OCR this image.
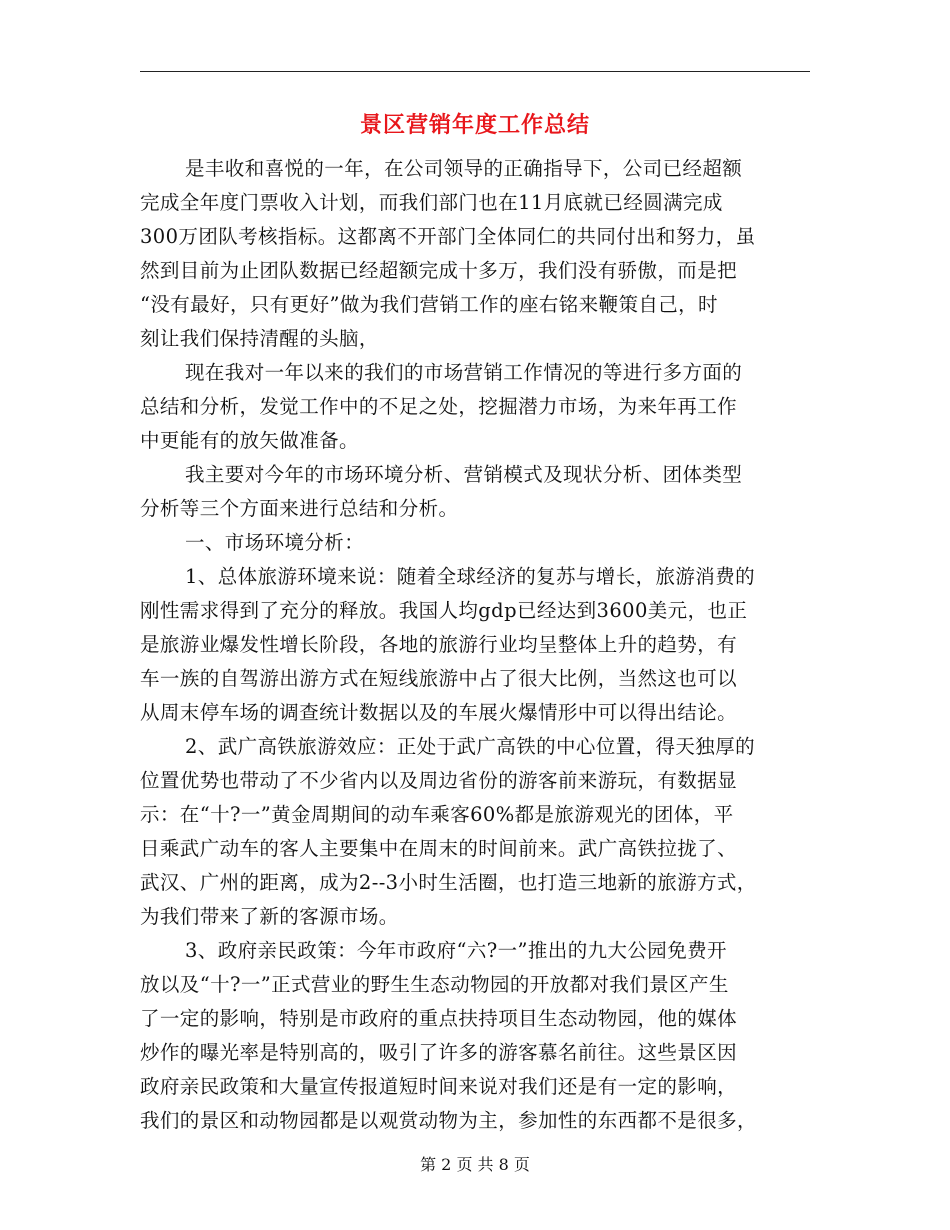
景区营销年度工作总结
是丰收和喜悦的一年，在公司领导的正确指导下，公司已经超额
完成全年度门票收入计划，而我们部门也在11月底就已经圆满完成
300万团队考核指标。这都离不开部门全体同仁的共同付出和努力，虽
然到目前为止团队数据已经超额完成十多万，我们没有骄傲，而是把
“没有最好，只有更好”做为我们营销工作的座右铭来鞭策自己，时
刻让我们保持清醒的头脑，
现在我对一年以来的我们的市场营销工作情况的等进行多方面的
总结和分析，发觉工作中的不足之处，挖掘潜力市场，为来年再工作
中更能有的放矢做准备。
我主要对今年的市场环境分析、营销模式及现状分析、团体类型
分析等三个方面来进行总结和分析。
一、市场环境分析：
1、总体旅游环境来说：随着全球经济的复苏与增长，旅游消费的
刚性需求得到了充分的释放。我国人均gdp已经达到3600美元，也正
是旅游业爆发性增长阶段，各地的旅游行业均呈整体上升的趋势，有
车一族的自驾游出游方式在短线旅游中占了很大比例，当然这也可以
从周末停车场的调查统计数据以及的车展火爆情形中可以得出结论。
2、武广高铁旅游效应：正处于武广高铁的中心位置，得天独厚的
位置优势也带动了不少省内以及周边省份的游客前来游玩，有数据显
示：在“十?一”黄金周期间的动车乘客60%都是旅游观光的团体，平
日乘武广动车的客人主要集中在周末的时间前来。武广高铁拉拢了、
武汉、广州的距离，成为2--3小时生活圈，也打造三地新的旅游方式，
为我们带来了新的客源市场。
3、政府亲民政策：今年市政府“六?一”推出的九大公园免费开
放以及“十?一”正式营业的野生生态动物园的开放都对我们景区产生
了一定的影响，特别是市政府的重点扶持项目生态动物园，他的媒体
炒作的曝光率是特别高的，吸引了许多的游客慕名前往。这些景区因
政府亲民政策和大量宣传报道短时间来说对我们还是有一定的影响，
我们的景区和动物园都是以观赏动物为主，参加性的东西都不是很多，
第 2 页 共 8 页
